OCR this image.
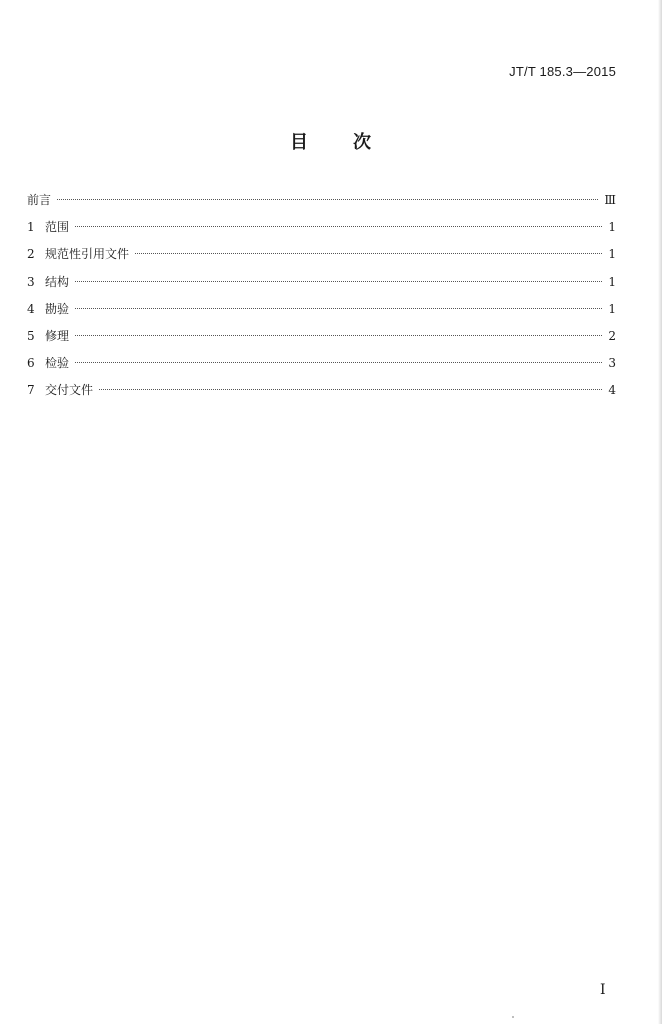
JT/T 185.3—2015
目 次
前言	Ⅲ
1 范围	1
2 规范性引用文件	1
3 结构	1
4 勘验	1
5 修理	2
6 检验	3
7 交付文件	4
I
